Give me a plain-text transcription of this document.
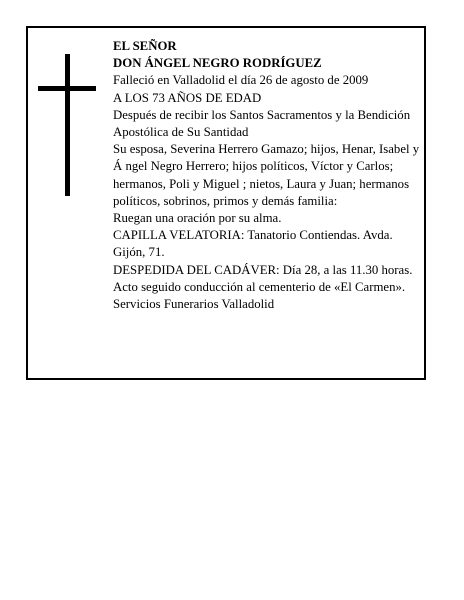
EL SEÑOR

DON ÁNGEL NEGRO RODRÍGUEZ

Falleció en Valladolid el día 26 de agosto de 2009

A LOS 73 AÑOS DE EDAD

Después de recibir los Santos Sacramentos y la Bendición Apostólica de Su Santidad

Su esposa, Severina Herrero Gamazo; hijos, Henar, Isabel y Á ngel Negro Herrero; hijos políticos, Víctor y Carlos; hermanos, Poli y Miguel ; nietos, Laura y Juan; hermanos políticos, sobrinos, primos y demás familia:

Ruegan una oración por su alma.

CAPILLA VELATORIA: Tanatorio Contiendas. Avda. Gijón, 71.

DESPEDIDA DEL CADÁVER: Día 28, a las 11.30 horas. Acto seguido conducción al cementerio de «El Carmen».

Servicios Funerarios Valladolid
